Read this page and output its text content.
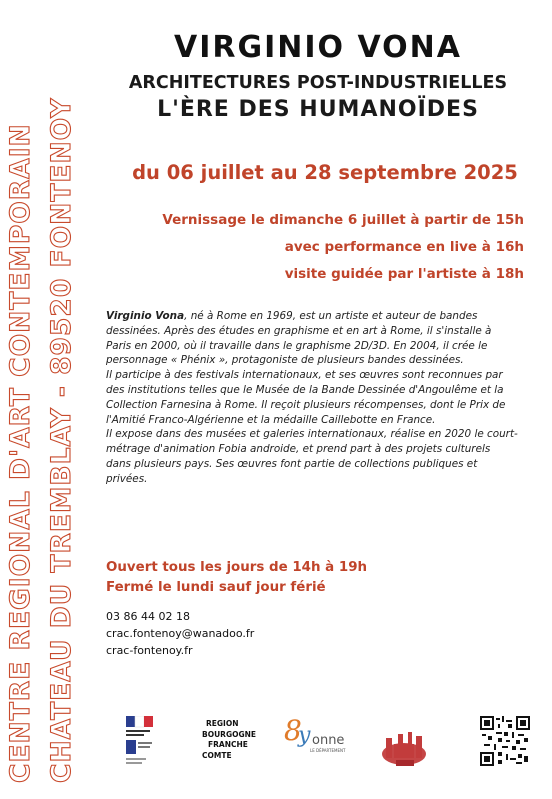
CENTRE REGIONAL D'ART CONTEMPORAIN CHATEAU DU TREMBLAY - 89520 FONTENOY
VIRGINIO VONA
ARCHITECTURES POST-INDUSTRIELLES
L'ÈRE DES HUMANOÏDES
du 06 juillet au 28 septembre 2025
Vernissage le dimanche 6 juillet à partir de 15h
avec performance en live à 16h
visite guidée par l'artiste à 18h

Virginio Vona, né à Rome en 1969, est un artiste et auteur de bandes dessinées. Après des études en graphisme et en art à Rome, il s'installe à Paris en 2000, où il travaille dans le graphisme 2D/3D. En 2004, il crée le personnage « Phénix », protagoniste de plusieurs bandes dessinées.

Il participe à des festivals internationaux, et ses œuvres sont reconnues par des institutions telles que le Musée de la Bande Dessinée d'Angoulême et la Collection Farnesina à Rome. Il reçoit plusieurs récompenses, dont le Prix de l'Amitié Franco-Algérienne et la médaille Caillebotte en France.

Il expose dans des musées et galeries internationaux, réalise en 2020 le court-métrage d'animation Fobia androide, et prend part à des projets culturels dans plusieurs pays. Ses œuvres font partie de collections publiques et privées.

Ouvert tous les jours de 14h à 19h
Fermé le lundi sauf jour férié
03 86 44 02 18
crac.fontenoy@wanadoo.fr
crac-fontenoy.fr
REGION
BOURGOGNE
FRANCHE
COMTE
8
y onne
LE DÉPARTEMENT
